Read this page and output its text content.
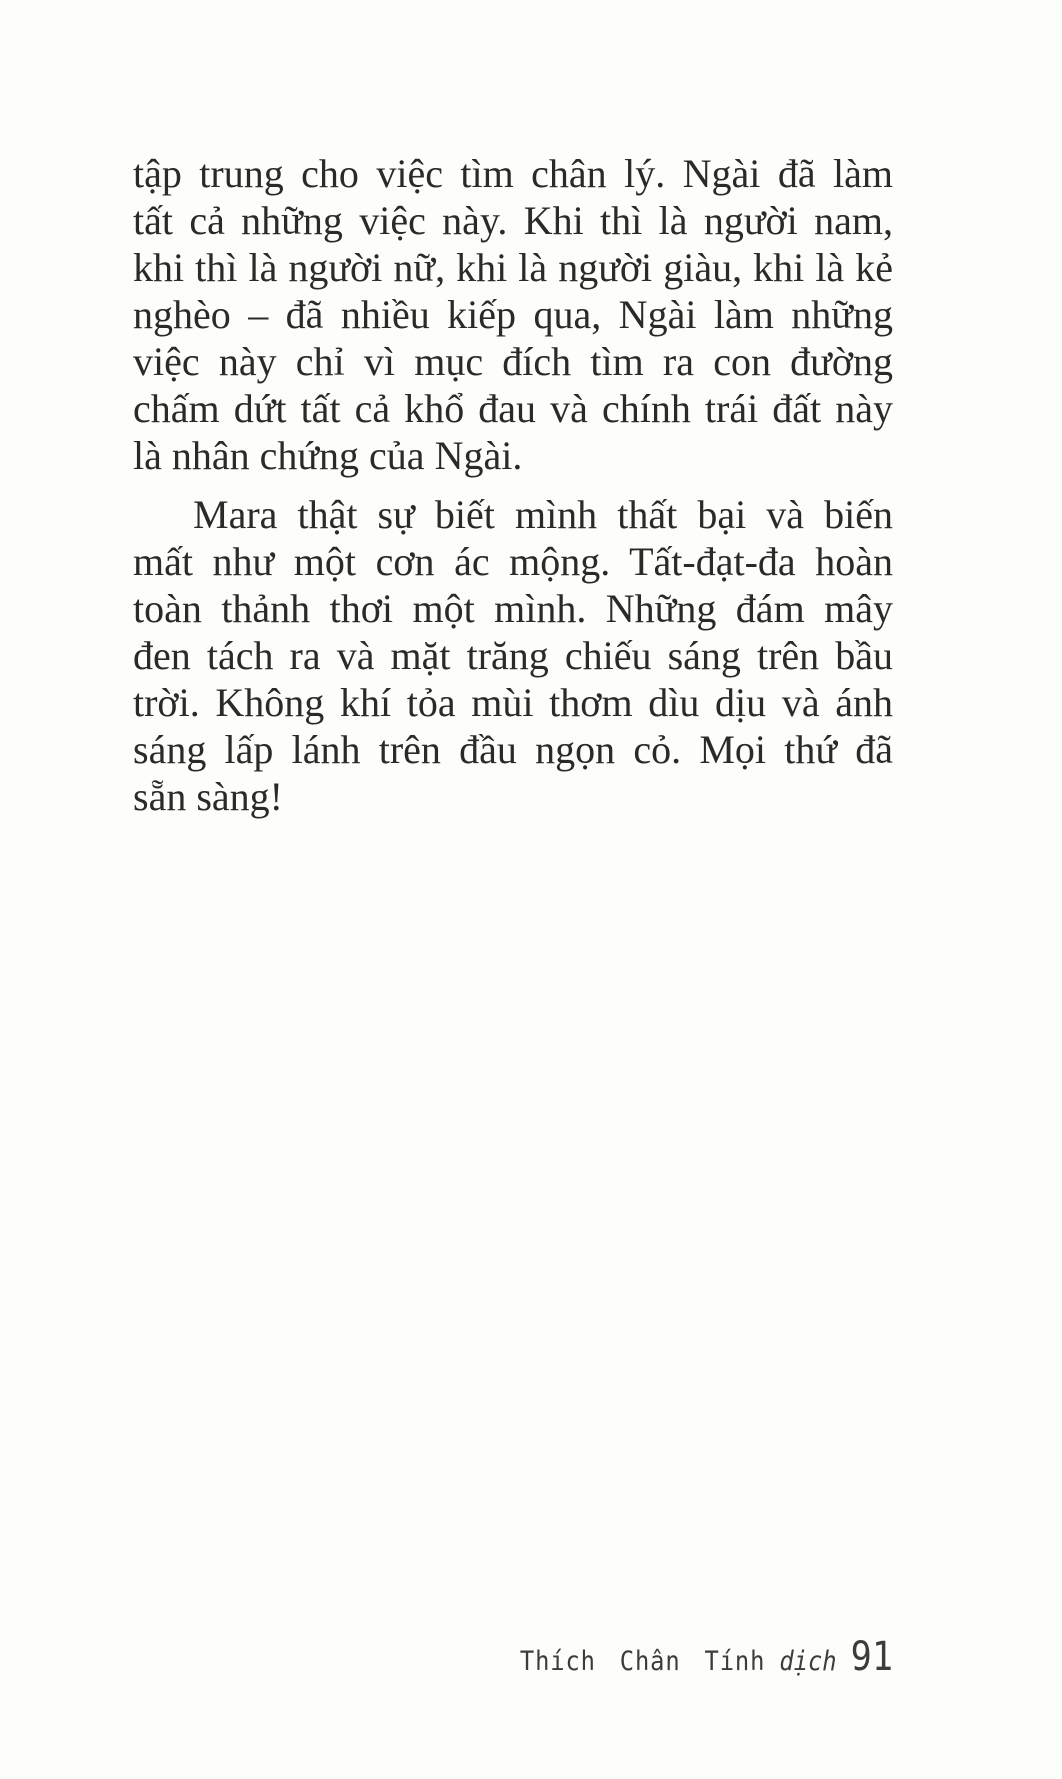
tập trung cho việc tìm chân lý. Ngài đã làm
tất cả những việc này. Khi thì là người nam,
khi thì là người nữ, khi là người giàu, khi là kẻ
nghèo – đã nhiều kiếp qua, Ngài làm những
việc này chỉ vì mục đích tìm ra con đường
chấm dứt tất cả khổ đau và chính trái đất này
là nhân chứng của Ngài.
Mara thật sự biết mình thất bại và biến
mất như một cơn ác mộng. Tất-đạt-đa hoàn
toàn thảnh thơi một mình. Những đám mây
đen tách ra và mặt trăng chiếu sáng trên bầu
trời. Không khí tỏa mùi thơm dìu dịu và ánh
sáng lấp lánh trên đầu ngọn cỏ. Mọi thứ đã
sẵn sàng!
Thích Chân Tính dịch 91
